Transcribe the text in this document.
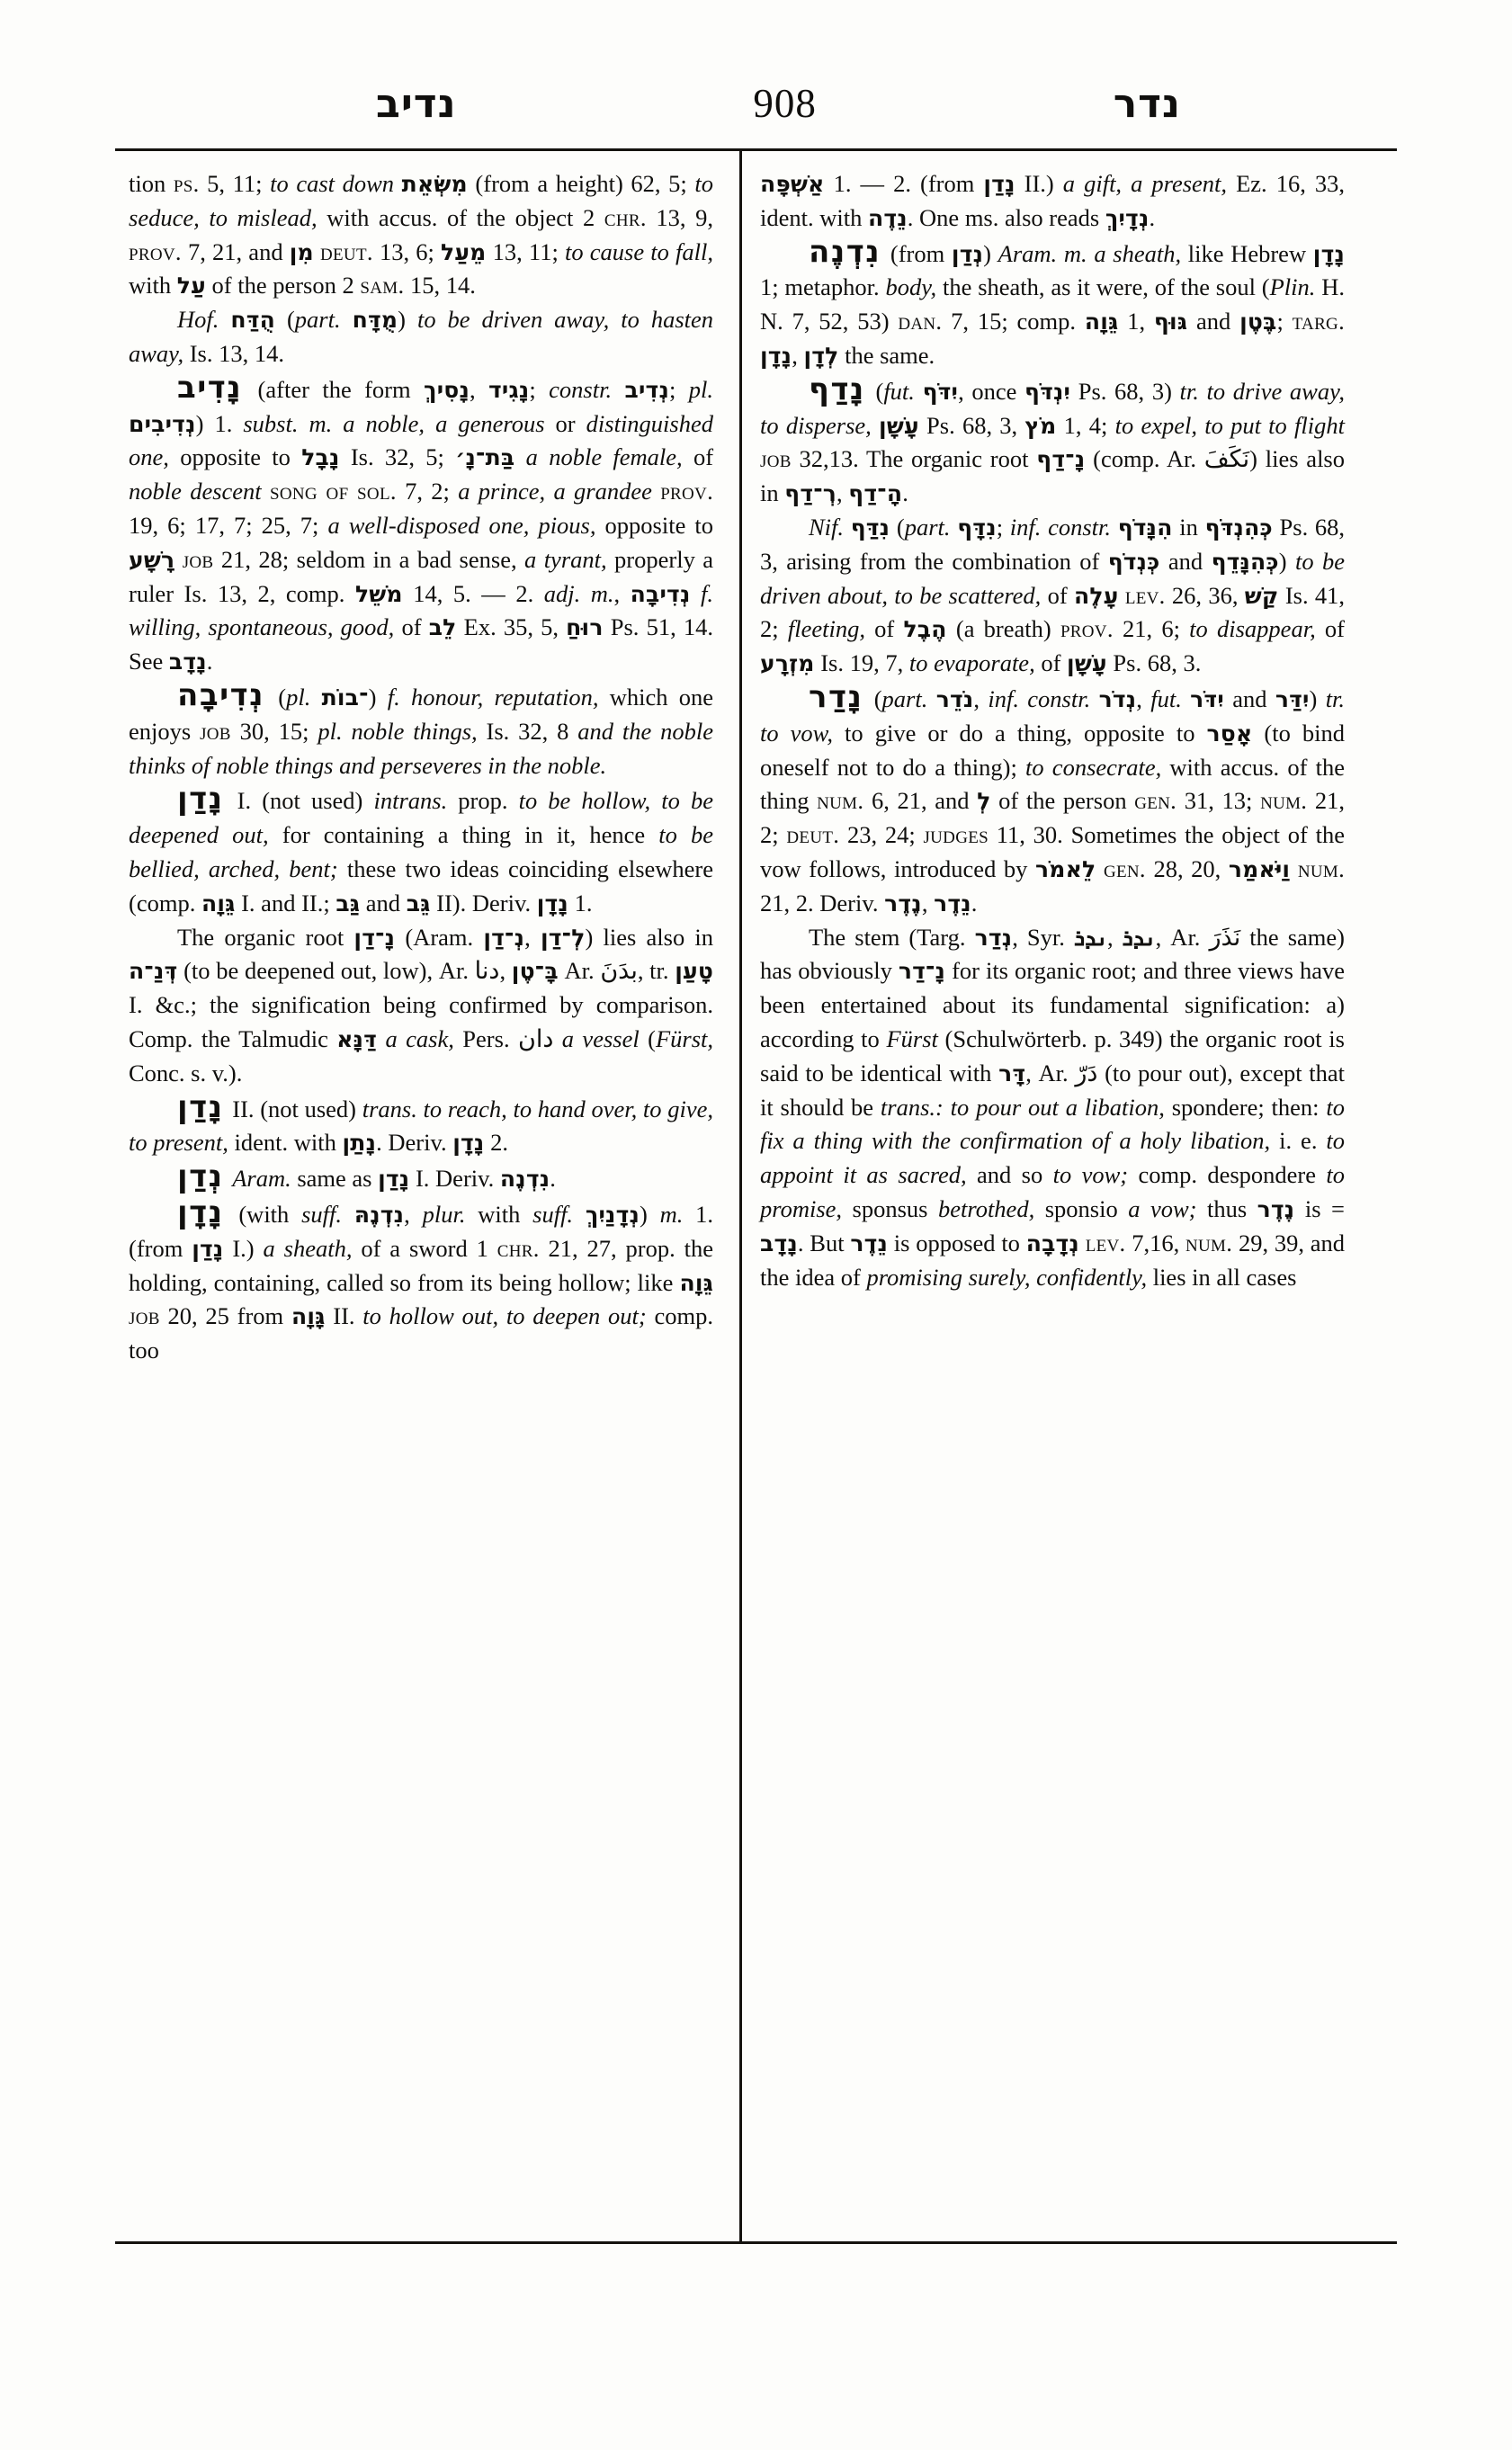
נדיב	908	נדר

tion ps. 5, 11; to cast down מִשְּׂאֵת (from a height) 62, 5; to seduce, to mislead, with accus. of the object 2 chr. 13, 9, prov. 7, 21, and מִן deut. 13, 6; מֵעַל 13, 11; to cause to fall, with עַל of the person 2 sam. 15, 14.

Hof. הֻדַּח (part. מֻדָּח) to be driven away, to hasten away, Is. 13, 14.

נָדִיב (after the form נָסִיךְ, נָגִיד; constr. נְדִיב; pl. נְדִיבִים) 1. subst. m. a noble, a generous or distinguished one, opposite to נָבָל Is. 32, 5; בַּת־נָ׳ a noble female, of noble descent song of sol. 7, 2; a prince, a grandee prov. 19, 6; 17, 7; 25, 7; a well-disposed one, pious, opposite to רָשָׁע job 21, 28; seldom in a bad sense, a tyrant, properly a ruler Is. 13, 2, comp. מֹשֵׁל 14, 5. — 2. adj. m., נְדִיבָה f. willing, spontaneous, good, of לֵב Ex. 35, 5, רוּחַ Ps. 51, 14. See נָדָב.

נְדִיבָה (pl. ־בוֹת) f. honour, reputation, which one enjoys job 30, 15; pl. noble things, Is. 32, 8 and the noble thinks of noble things and perseveres in the noble.

נָדַן I. (not used) intrans. prop. to be hollow, to be deepened out, for containing a thing in it, hence to be bellied, arched, bent; these two ideas coinciding elsewhere (comp. גֵּוָה I. and II.; גַּב and גֵּב II). Deriv. נָדָן 1.

The organic root נָ־דַן (Aram. נְ־דַן, לְ־דַן) lies also in דְּנַ־ה (to be deepened out, low), Ar. دنا, בָּ־טֶן Ar. بدَنَ, tr. טָעַן I. &c.; the signification being confirmed by comparison. Comp. the Talmudic דַּנָּא a cask, Pers. دان a vessel (Fürst, Conc. s. v.).

נָדַן II. (not used) trans. to reach, to hand over, to give, to present, ident. with נָתַן. Deriv. נָדָן 2.

נְדַן Aram. same as נָדַן I. Deriv. נִדְנֶה.

נָדָן (with suff. נִדְנֶהּ, plur. with suff. נְדָנַיִךְ) m. 1. (from נָדַן I.) a sheath, of a sword 1 chr. 21, 27, prop. the holding, containing, called so from its being hollow; like גֵּוָה job 20, 25 from גָּוָה II. to hollow out, to deepen out; comp. too

אַשְׁפָּה 1. — 2. (from נָדַן II.) a gift, a present, Ez. 16, 33, ident. with נֵדֶה. One ms. also reads נְדָיִךְ.

נִדְנֶה (from נְדַן) Aram. m. a sheath, like Hebrew נָדָן 1; metaphor. body, the sheath, as it were, of the soul (Plin. H. N. 7, 52, 53) dan. 7, 15; comp. גֵּוָה 1, גּוּף and בֶּטֶן; targ. נָדָן, לְדָן the same.

נָדַף (fut. יִדֹּף, once יִנְדֹּף Ps. 68, 3) tr. to drive away, to disperse, עָשָׁן Ps. 68, 3, מֹץ 1, 4; to expel, to put to flight job 32,13. The organic root נָ־דַף (comp. Ar. نَكَفَ) lies also in רְ־דַף, הָ־דַף.

Nif. נִדַּף (part. נִדָּף; inf. constr. הִנָּדֹף in כְּהִנְדֹּף Ps. 68, 3, arising from the combination of כְּנְדֹף and כְּהִנָּדֵף) to be driven about, to be scattered, of עָלֶה lev. 26, 36, קַשׁ Is. 41, 2; fleeting, of הֶבֶל (a breath) prov. 21, 6; to disappear, of מִזְרָע Is. 19, 7, to evaporate, of עָשָׁן Ps. 68, 3.

נָדַר (part. נֹדֵר, inf. constr. נְדֹר, fut. יִדֹּר and יִדַּר) tr. to vow, to give or do a thing, opposite to אָסַר (to bind oneself not to do a thing); to consecrate, with accus. of the thing num. 6, 21, and לְ of the person gen. 31, 13; num. 21, 2; deut. 23, 24; judges 11, 30. Sometimes the object of the vow follows, introduced by לֵאמֹר gen. 28, 20, וַיֹּאמַר num. 21, 2. Deriv. נֶדֶר, נֵדֶר.

The stem (Targ. נְדַר, Syr. ܢܕܪ, ܢܕܪ, Ar. نَذَرَ the same) has obviously נָ־דַר for its organic root; and three views have been entertained about its fundamental signification: a) according to Fürst (Schulwörterb. p. 349) the organic root is said to be identical with דָּר, Ar. دَرّ (to pour out), except that it should be trans.: to pour out a libation, spondere; then: to fix a thing with the confirmation of a holy libation, i. e. to appoint it as sacred, and so to vow; comp. despondere to promise, sponsus betrothed, sponsio a vow; thus נֶדֶר is = נָדָב. But נֵדֶר is opposed to נְדָבָה lev. 7,16, num. 29, 39, and the idea of promising surely, confidently, lies in all cases
